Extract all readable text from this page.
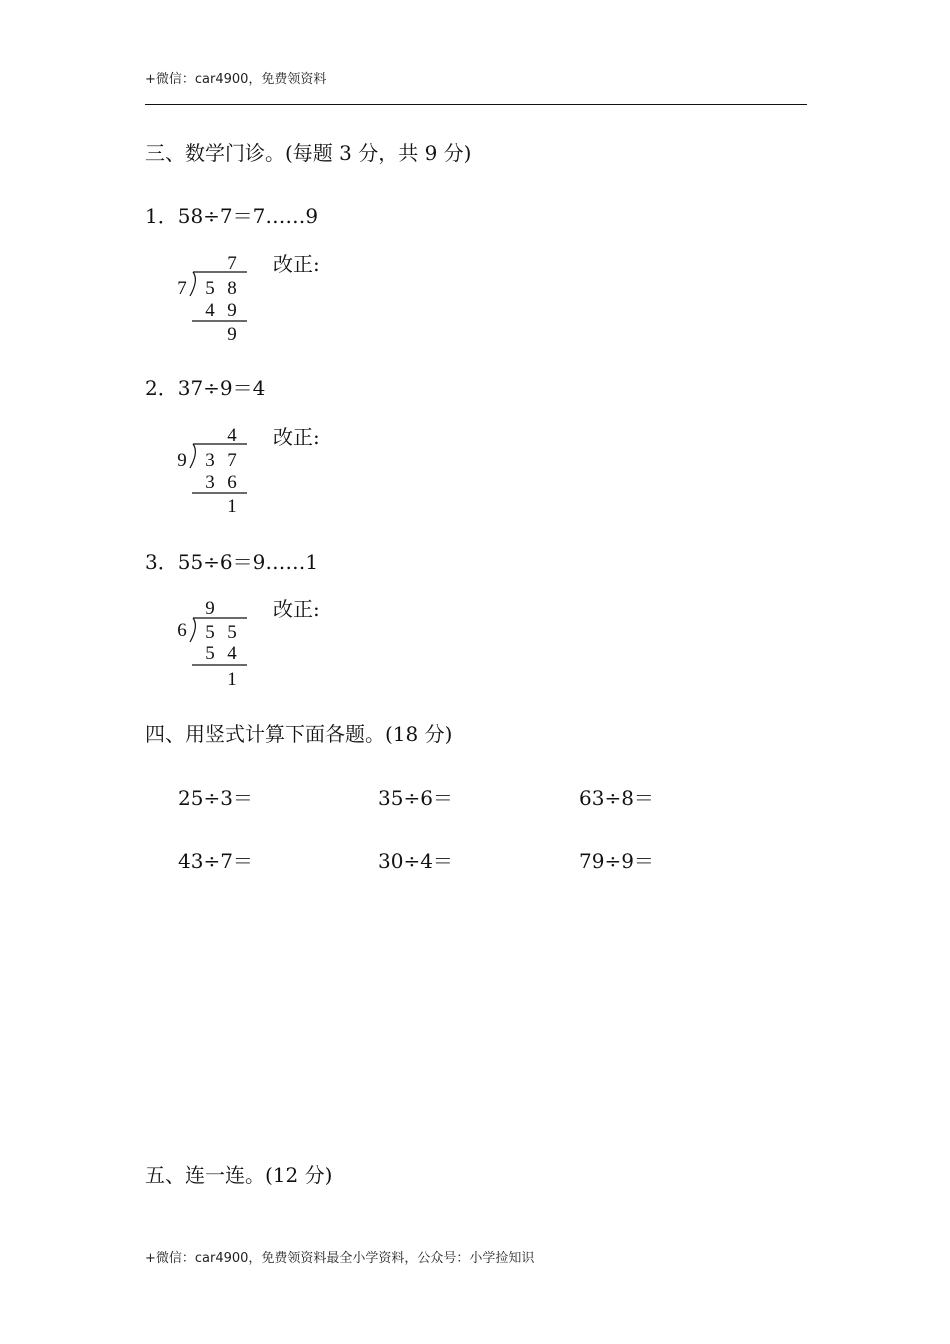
+微信：car4900，免费领资料
三、数学门诊。(每题 3 分，共 9 分)
1．58÷7＝7……9
7
7 5 8
4 9
9
改正:
2．37÷9＝4
4
9 3 7
3 6
1
改正:
3．55÷6＝9……1
9
6 5 5
5 4
1
改正:
四、用竖式计算下面各题。(18 分)
25÷3＝	35÷6＝	63÷8＝
43÷7＝	30÷4＝	79÷9＝
五、连一连。(12 分)
+微信：car4900，免费领资料最全小学资料，公众号：小学捡知识
